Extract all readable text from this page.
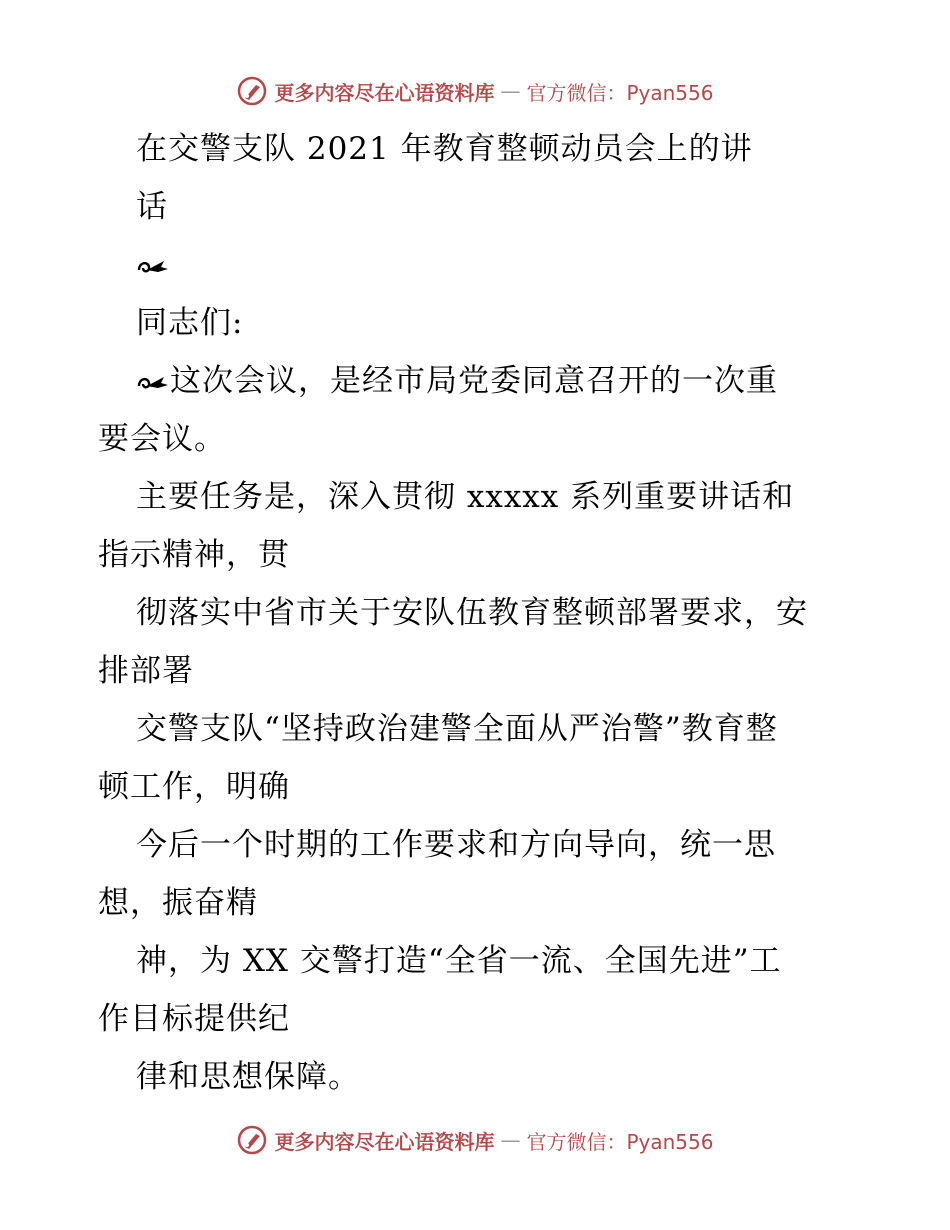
更多内容尽在心语资料库 — 官方微信：Pyan556
在交警支队 2021 年教育整顿动员会上的讲
话
同志们:
这次会议，是经市局党委同意召开的一次重
要会议。
主要任务是，深入贯彻 xxxxx 系列重要讲话和
指示精神，贯
彻落实中省市关于安队伍教育整顿部署要求，安
排部署
交警支队“坚持政治建警全面从严治警”教育整
顿工作，明确
今后一个时期的工作要求和方向导向，统一思
想，振奋精
神，为 XX 交警打造“全省一流、全国先进”工
作目标提供纪
律和思想保障。
更多内容尽在心语资料库 — 官方微信：Pyan556
